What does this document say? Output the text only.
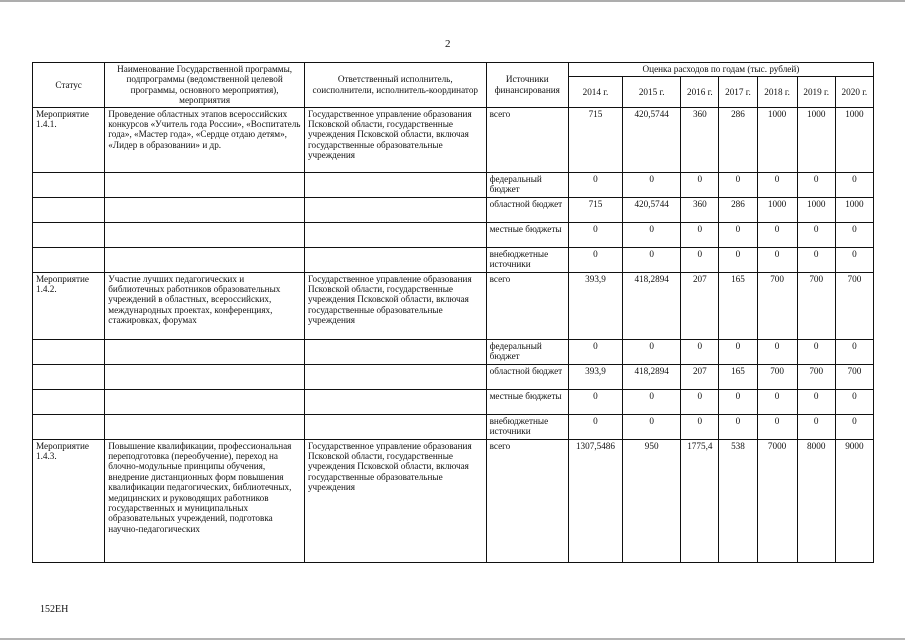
2
Статус	Наименование Государственной программы, подпрограммы (ведомственной целевой программы, основного мероприятия), мероприятия	Ответственный исполнитель, соисполнители, исполнитель-координатор	Источники финансирования	Оценка расходов по годам (тыс. рублей)						
				2014 г.	2015 г.	2016 г.	2017 г.	2018 г.	2019 г.	2020 г.
Мероприятие 1.4.1.	Проведение областных этапов всероссийских конкурсов «Учитель года России», «Воспитатель года», «Мастер года», «Сердце отдаю детям», «Лидер в образовании» и др.	Государственное управление образования Псковской области, государственные учреждения Псковской области, включая государственные образовательные учреждения	всего	715	420,5744	360	286	1000	1000	1000
			федеральный бюджет	0	0	0	0	0	0	0
			областной бюджет	715	420,5744	360	286	1000	1000	1000
			местные бюджеты	0	0	0	0	0	0	0
			внебюджетные источники	0	0	0	0	0	0	0
Мероприятие 1.4.2.	Участие лучших педагогических и библиотечных работников образовательных учреждений в областных, всероссийских, международных проектах, конференциях, стажировках, форумах	Государственное управление образования Псковской области, государственные учреждения Псковской области, включая государственные образовательные учреждения	всего	393,9	418,2894	207	165	700	700	700
			федеральный бюджет	0	0	0	0	0	0	0
			областной бюджет	393,9	418,2894	207	165	700	700	700
			местные бюджеты	0	0	0	0	0	0	0
			внебюджетные источники	0	0	0	0	0	0	0
Мероприятие 1.4.3.	Повышение квалификации, профессиональная переподготовка (переобучение), переход на блочно-модульные принципы обучения, внедрение дистанционных форм повышения квалификации педагогических, библиотечных, медицинских и руководящих работников государственных и муниципальных образовательных учреждений, подготовка научно-педагогических	Государственное управление образования Псковской области, государственные учреждения Псковской области, включая государственные образовательные учреждения	всего	1307,5486	950	1775,4	538	7000	8000	9000
152ЕН
